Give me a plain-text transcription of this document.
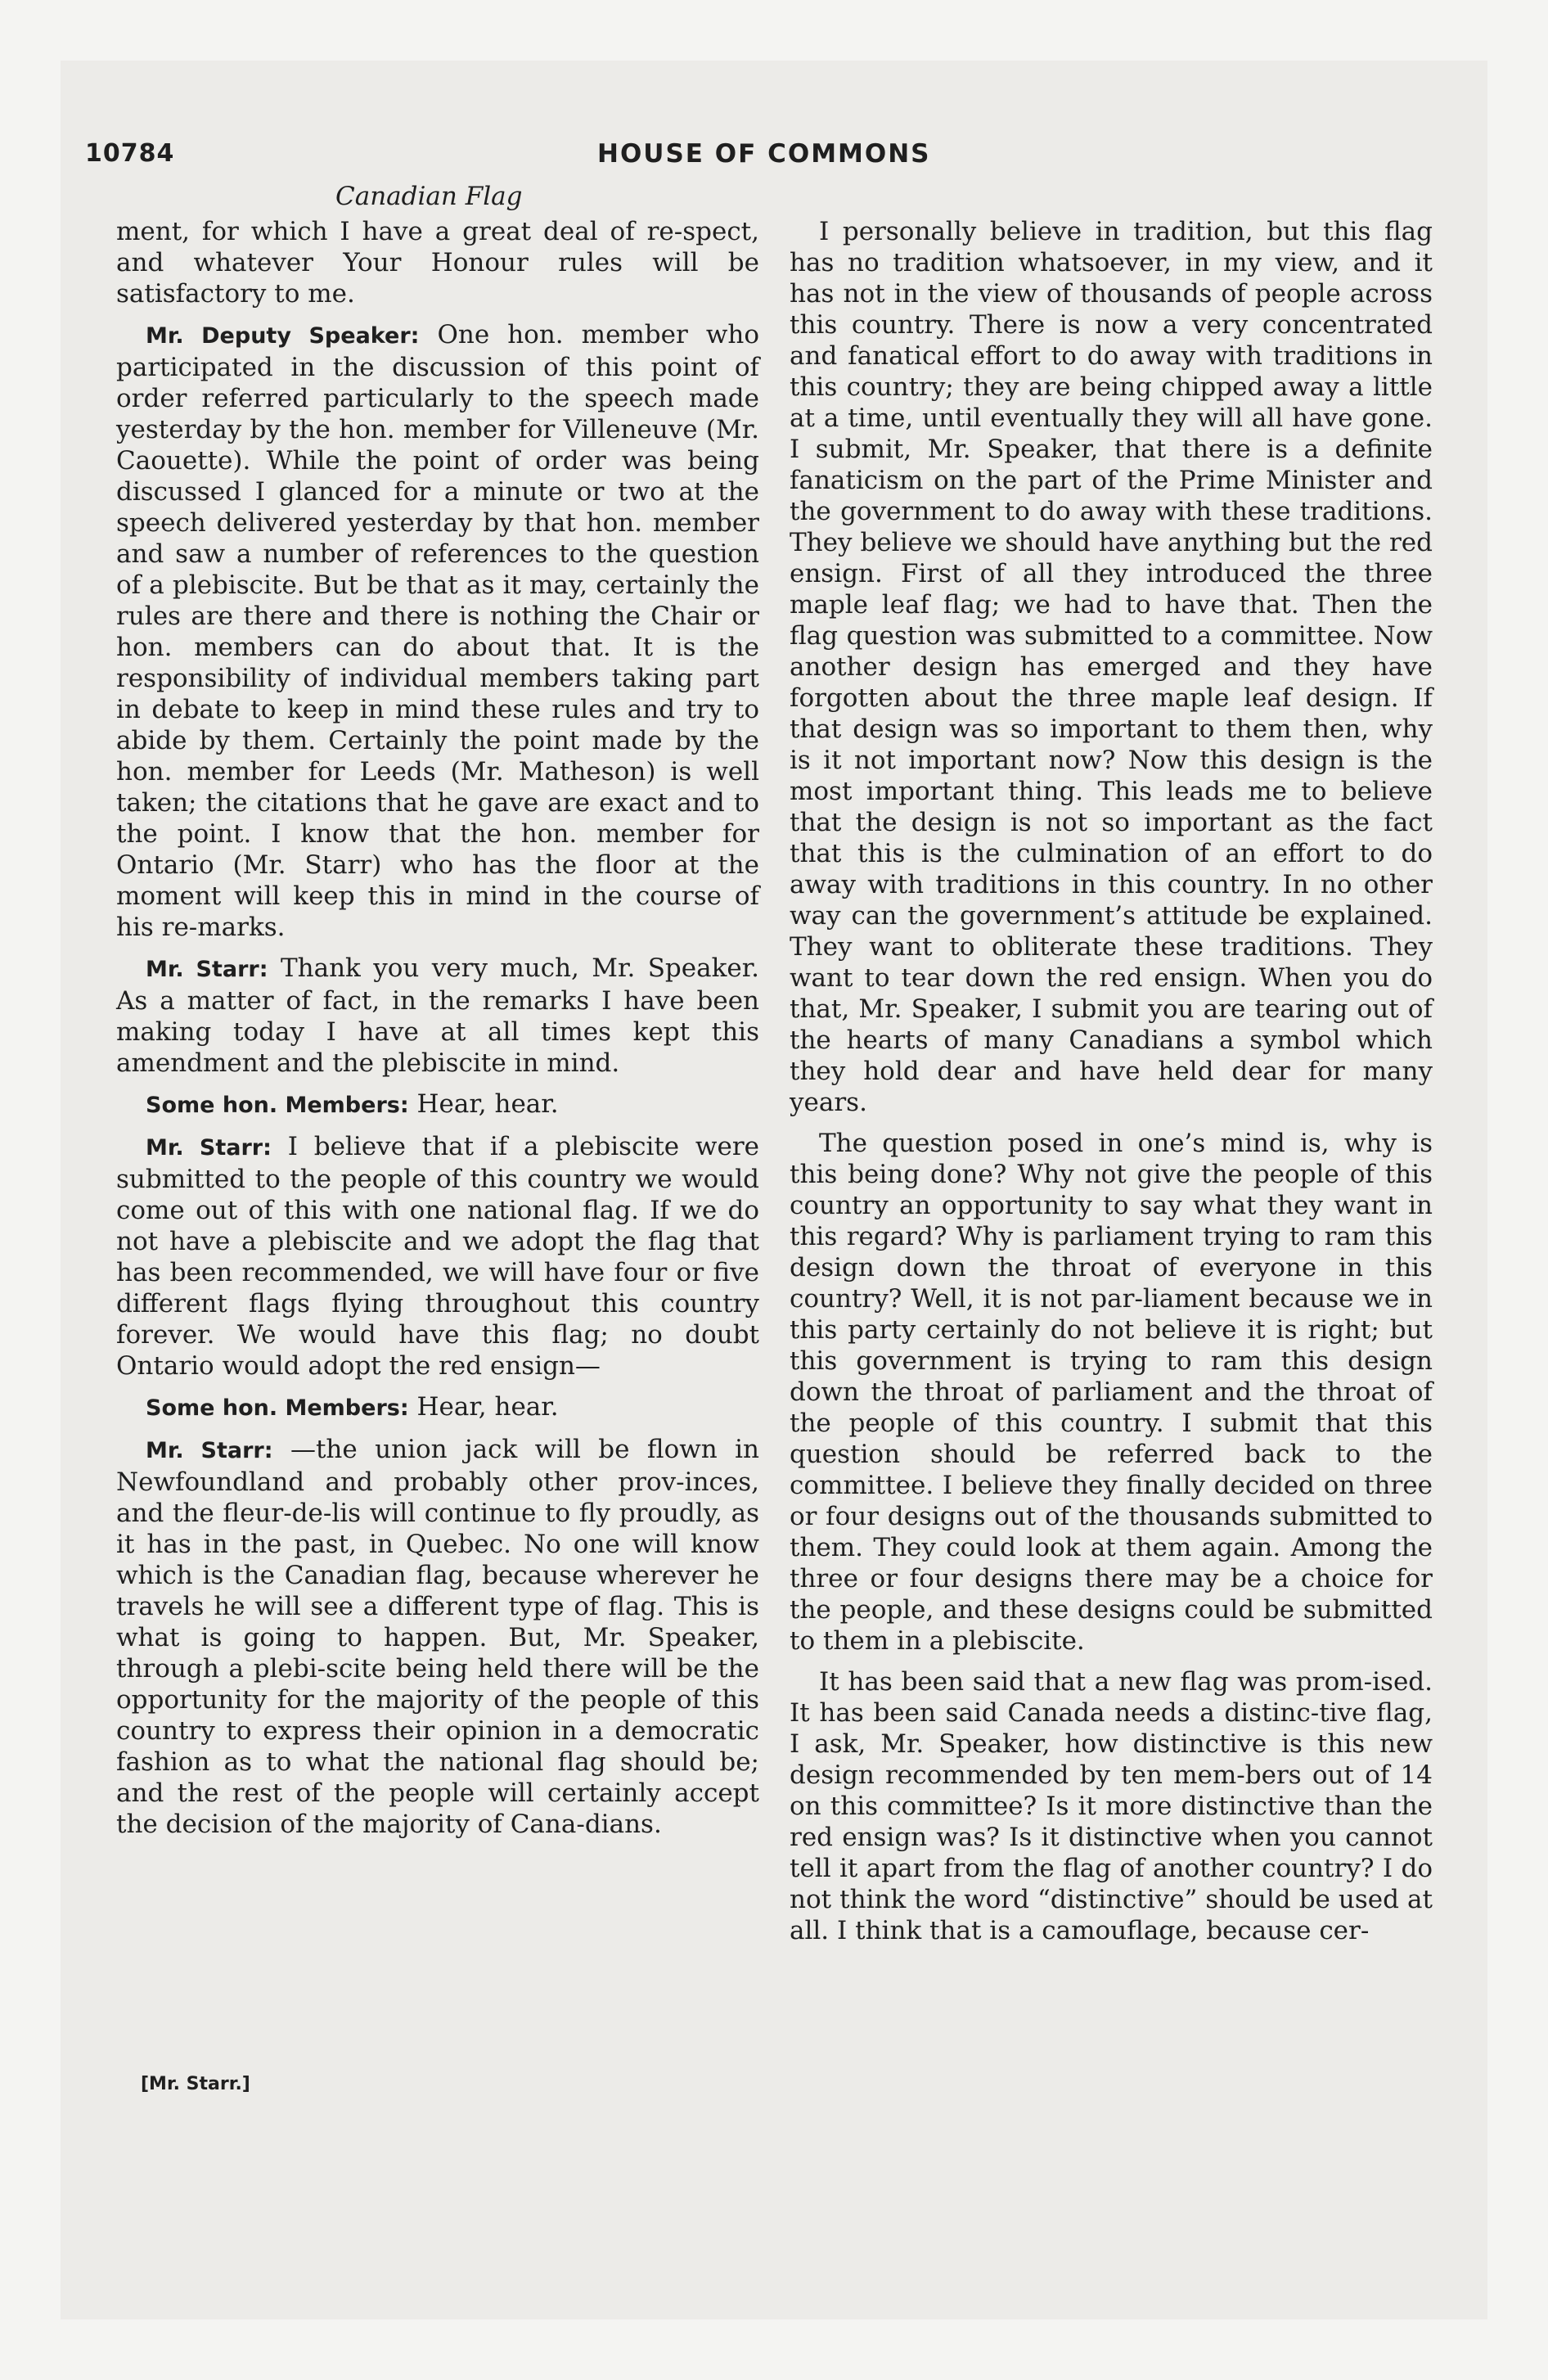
10784	HOUSE OF COMMONS
Canadian Flag

ment, for which I have a great deal of re-spect, and whatever Your Honour rules will be satisfactory to me.

Mr. Deputy Speaker: One hon. member who participated in the discussion of this point of order referred particularly to the speech made yesterday by the hon. member for Villeneuve (Mr. Caouette). While the point of order was being discussed I glanced for a minute or two at the speech delivered yesterday by that hon. member and saw a number of references to the question of a plebiscite. But be that as it may, certainly the rules are there and there is nothing the Chair or hon. members can do about that. It is the responsibility of individual members taking part in debate to keep in mind these rules and try to abide by them. Certainly the point made by the hon. member for Leeds (Mr. Matheson) is well taken; the citations that he gave are exact and to the point. I know that the hon. member for Ontario (Mr. Starr) who has the floor at the moment will keep this in mind in the course of his re-marks.

Mr. Starr: Thank you very much, Mr. Speaker. As a matter of fact, in the remarks I have been making today I have at all times kept this amendment and the plebiscite in mind.

Some hon. Members: Hear, hear.

Mr. Starr: I believe that if a plebiscite were submitted to the people of this country we would come out of this with one national flag. If we do not have a plebiscite and we adopt the flag that has been recommended, we will have four or five different flags flying throughout this country forever. We would have this flag; no doubt Ontario would adopt the red ensign—

Some hon. Members: Hear, hear.

Mr. Starr: —the union jack will be flown in Newfoundland and probably other prov-inces, and the fleur-de-lis will continue to fly proudly, as it has in the past, in Quebec. No one will know which is the Canadian flag, because wherever he travels he will see a different type of flag. This is what is going to happen. But, Mr. Speaker, through a plebi-scite being held there will be the opportunity for the majority of the people of this country to express their opinion in a democratic fashion as to what the national flag should be; and the rest of the people will certainly accept the decision of the majority of Cana-dians.

[Mr. Starr.]

I personally believe in tradition, but this flag has no tradition whatsoever, in my view, and it has not in the view of thousands of people across this country. There is now a very concentrated and fanatical effort to do away with traditions in this country; they are being chipped away a little at a time, until eventually they will all have gone. I submit, Mr. Speaker, that there is a definite fanaticism on the part of the Prime Minister and the government to do away with these traditions. They believe we should have anything but the red ensign. First of all they introduced the three maple leaf flag; we had to have that. Then the flag question was submitted to a committee. Now another design has emerged and they have forgotten about the three maple leaf design. If that design was so important to them then, why is it not important now? Now this design is the most important thing. This leads me to believe that the design is not so important as the fact that this is the culmination of an effort to do away with traditions in this country. In no other way can the government’s attitude be explained. They want to obliterate these traditions. They want to tear down the red ensign. When you do that, Mr. Speaker, I submit you are tearing out of the hearts of many Canadians a symbol which they hold dear and have held dear for many years.

The question posed in one’s mind is, why is this being done? Why not give the people of this country an opportunity to say what they want in this regard? Why is parliament trying to ram this design down the throat of everyone in this country? Well, it is not par-liament because we in this party certainly do not believe it is right; but this government is trying to ram this design down the throat of parliament and the throat of the people of this country. I submit that this question should be referred back to the committee. I believe they finally decided on three or four designs out of the thousands submitted to them. They could look at them again. Among the three or four designs there may be a choice for the people, and these designs could be submitted to them in a plebiscite.

It has been said that a new flag was prom-ised. It has been said Canada needs a distinc-tive flag, I ask, Mr. Speaker, how distinctive is this new design recommended by ten mem-bers out of 14 on this committee? Is it more distinctive than the red ensign was? Is it distinctive when you cannot tell it apart from the flag of another country? I do not think the word “distinctive” should be used at all. I think that is a camouflage, because cer-
